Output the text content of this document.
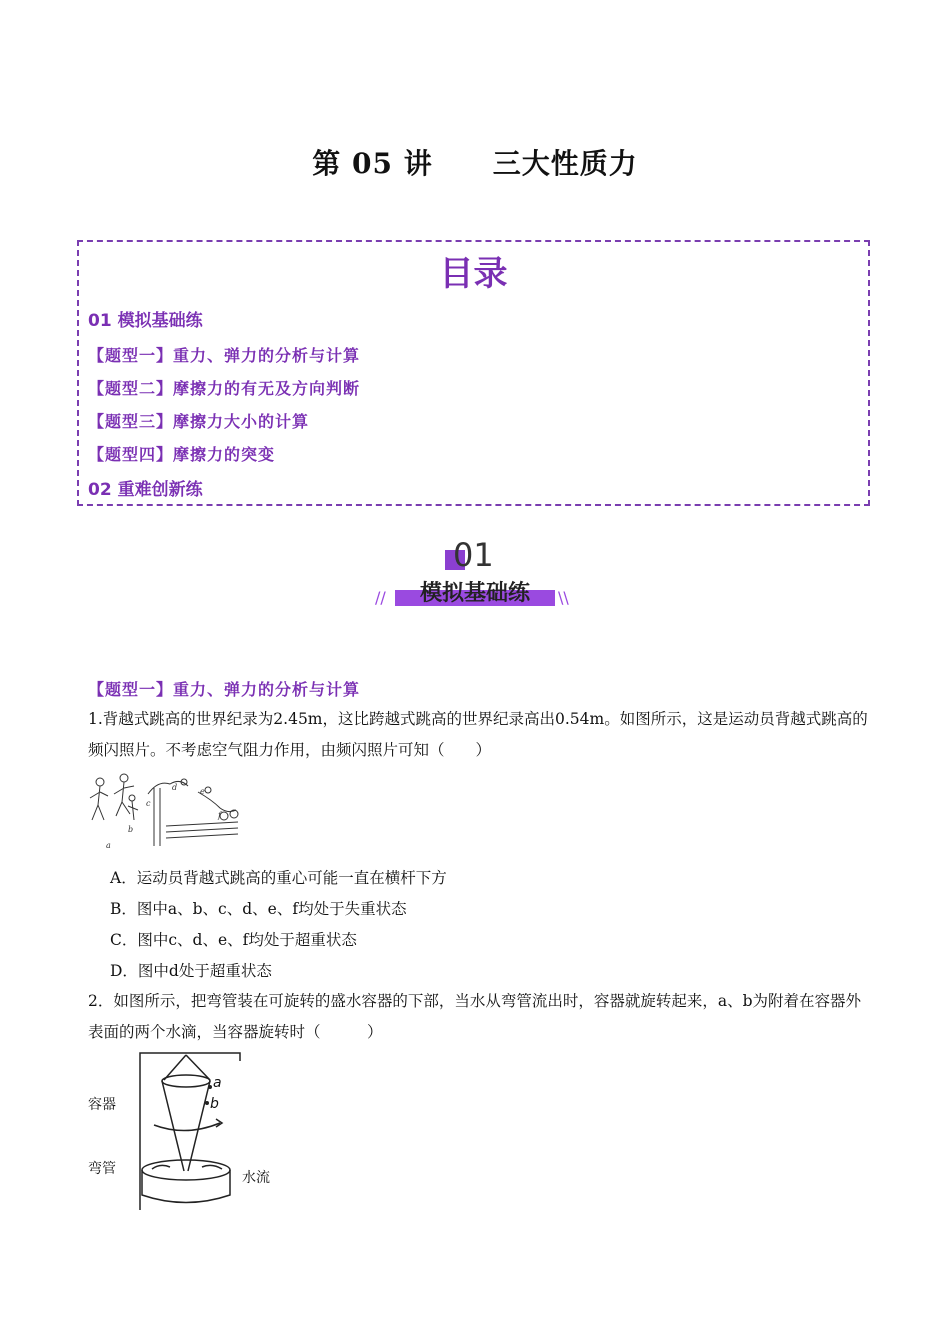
第 05 讲 三大性质力
目录
01 模拟基础练
【题型一】重力、弹力的分析与计算
【题型二】摩擦力的有无及方向判断
【题型三】摩擦力大小的计算
【题型四】摩擦力的突变
02 重难创新练
01
模拟基础练
//	\\
【题型一】重力、弹力的分析与计算
1.背越式跳高的世界纪录为2.45m，这比跨越式跳高的世界纪录高出0.54m。如图所示，这是运动员背越式跳高的频闪照片。不考虑空气阻力作用，由频闪照片可知（　　）
a
b
c
d	e
f
A．运动员背越式跳高的重心可能一直在横杆下方
B．图中a、b、c、d、e、f均处于失重状态
C．图中c、d、e、f均处于超重状态
D．图中d处于超重状态
2．如图所示，把弯管装在可旋转的盛水容器的下部，当水从弯管流出时，容器就旋转起来，a、b为附着在容器外表面的两个水滴，当容器旋转时（　　　）
a
b
容器
弯管
水流
